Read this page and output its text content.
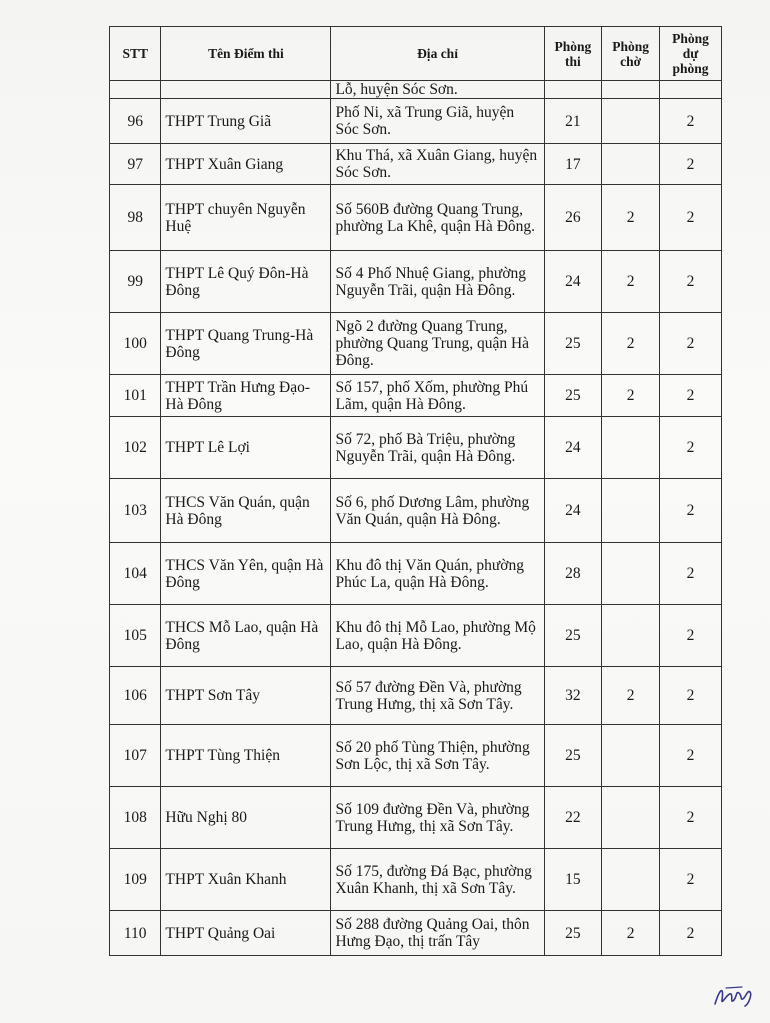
STT	Tên Điểm thi	Địa chỉ	Phòng thi	Phòng chờ	Phòng dự phòng
		Lỗ, huyện Sóc Sơn.			
96	THPT Trung Giã	Phố Ni, xã Trung Giã, huyện Sóc Sơn.	21		2
97	THPT Xuân Giang	Khu Thá, xã Xuân Giang, huyện Sóc Sơn.	17		2
98	THPT chuyên Nguyễn Huệ	Số 560B đường Quang Trung, phường La Khê, quận Hà Đông.	26	2	2
99	THPT Lê Quý Đôn-Hà Đông	Số 4 Phố Nhuệ Giang, phường Nguyễn Trãi, quận Hà Đông.	24	2	2
100	THPT Quang Trung-Hà Đông	Ngõ 2 đường Quang Trung, phường Quang Trung, quận Hà Đông.	25	2	2
101	THPT Trần Hưng Đạo-Hà Đông	Số 157, phố Xốm, phường Phú Lãm, quận Hà Đông.	25	2	2
102	THPT Lê Lợi	Số 72, phố Bà Triệu, phường Nguyễn Trãi, quận Hà Đông.	24		2
103	THCS Văn Quán, quận Hà Đông	Số 6, phố Dương Lâm, phường Văn Quán, quận Hà Đông.	24		2
104	THCS Văn Yên, quận Hà Đông	Khu đô thị Văn Quán, phường Phúc La, quận Hà Đông.	28		2
105	THCS Mỗ Lao, quận Hà Đông	Khu đô thị Mỗ Lao, phường Mộ Lao, quận Hà Đông.	25		2
106	THPT Sơn Tây	Số 57 đường Đền Và, phường Trung Hưng, thị xã Sơn Tây.	32	2	2
107	THPT Tùng Thiện	Số 20 phố Tùng Thiện, phường Sơn Lộc, thị xã Sơn Tây.	25		2
108	Hữu Nghị 80	Số 109 đường Đền Và, phường Trung Hưng, thị xã Sơn Tây.	22		2
109	THPT Xuân Khanh	Số 175, đường Đá Bạc, phường Xuân Khanh, thị xã Sơn Tây.	15		2
110	THPT Quảng Oai	Số 288 đường Quảng Oai, thôn Hưng Đạo, thị trấn Tây	25	2	2
